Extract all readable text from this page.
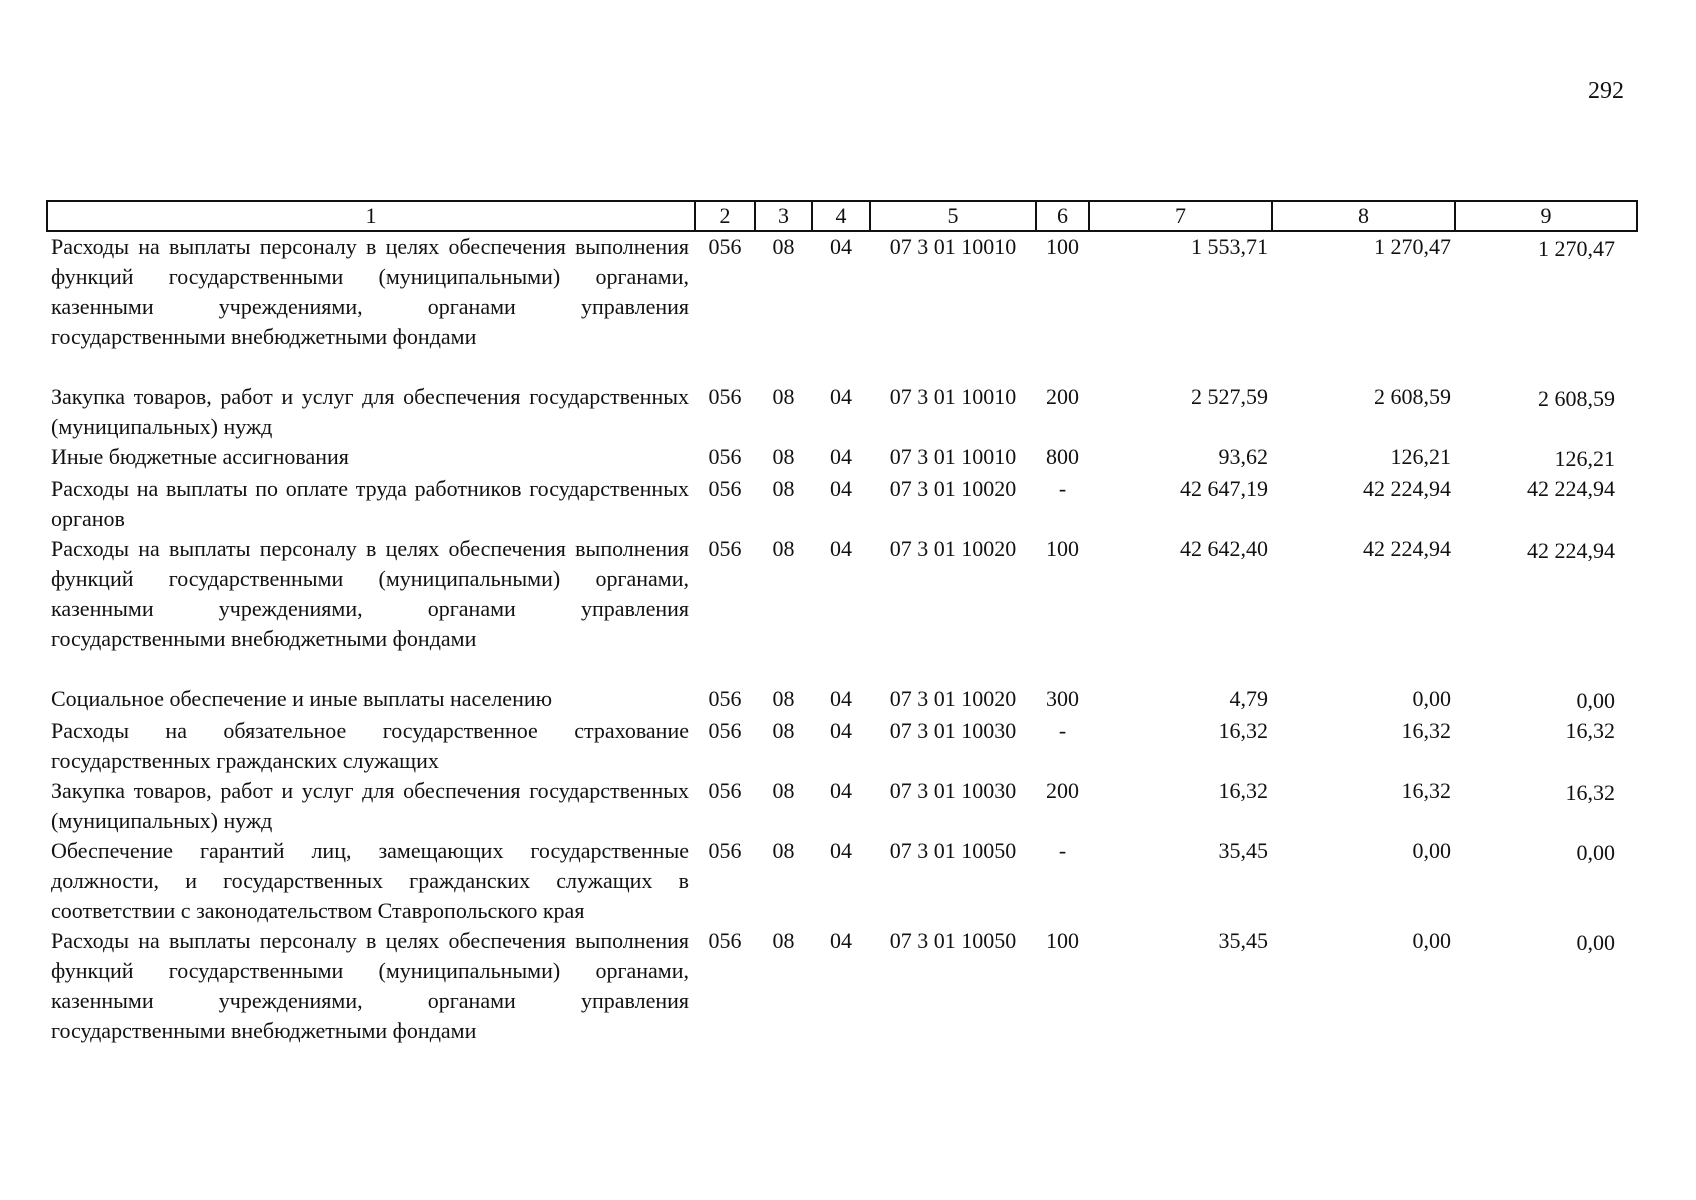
292
1	2	3	4	5	6	7	8	9
Расходы на выплаты персоналу в целях обеспечения выполнения функций государственными (муниципальными) органами, казенными учреждениями, органами управления государственными внебюджетными фондами	056	08	04	07 3 01 10010	100	1 553,71	1 270,47	1 270,47
Закупка товаров, работ и услуг для обеспечения государственных (муниципальных) нужд	056	08	04	07 3 01 10010	200	2 527,59	2 608,59	2 608,59
Иные бюджетные ассигнования	056	08	04	07 3 01 10010	800	93,62	126,21	126,21
Расходы на выплаты по оплате труда работников государственных органов	056	08	04	07 3 01 10020	-	42 647,19	42 224,94	42 224,94
Расходы на выплаты персоналу в целях обеспечения выполнения функций государственными (муниципальными) органами, казенными учреждениями, органами управления государственными внебюджетными фондами	056	08	04	07 3 01 10020	100	42 642,40	42 224,94	42 224,94
Социальное обеспечение и иные выплаты населению	056	08	04	07 3 01 10020	300	4,79	0,00	0,00
Расходы на обязательное государственное страхование государственных гражданских служащих	056	08	04	07 3 01 10030	-	16,32	16,32	16,32
Закупка товаров, работ и услуг для обеспечения государственных (муниципальных) нужд	056	08	04	07 3 01 10030	200	16,32	16,32	16,32
Обеспечение гарантий лиц, замещающих государственные должности, и государственных гражданских служащих в соответствии с законодательством Ставропольского края	056	08	04	07 3 01 10050	-	35,45	0,00	0,00
Расходы на выплаты персоналу в целях обеспечения выполнения функций государственными (муниципальными) органами, казенными учреждениями, органами управления государственными внебюджетными фондами	056	08	04	07 3 01 10050	100	35,45	0,00	0,00
